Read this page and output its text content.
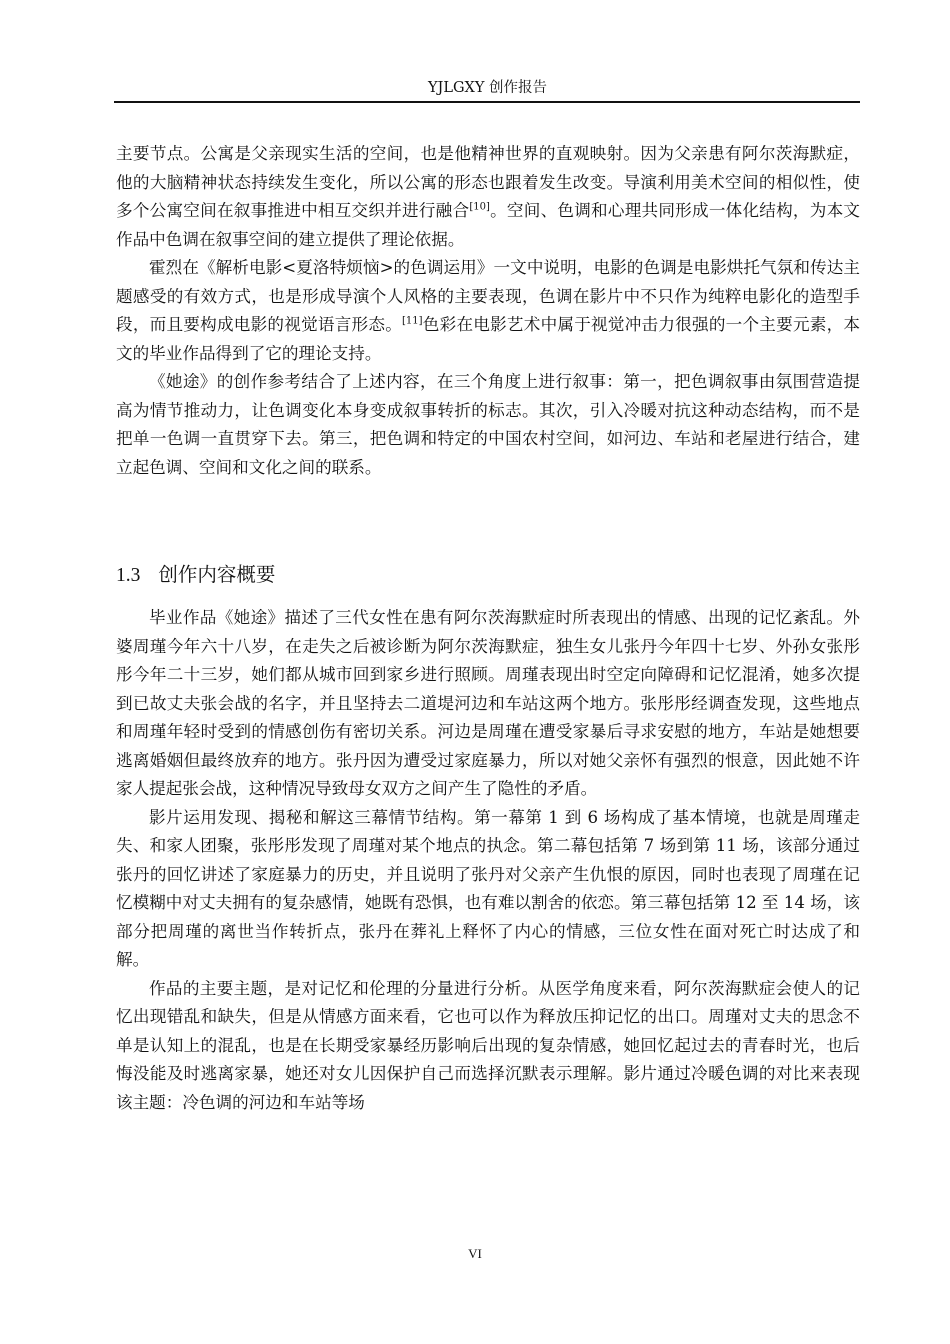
YJLGXY 创作报告

主要节点。公寓是父亲现实生活的空间，也是他精神世界的直观映射。因为父亲患有阿尔茨海默症，他的大脑精神状态持续发生变化，所以公寓的形态也跟着发生改变。导演利用美术空间的相似性，使多个公寓空间在叙事推进中相互交织并进行融合[10]。空间、色调和心理共同形成一体化结构，为本文作品中色调在叙事空间的建立提供了理论依据。

霍烈在《解析电影<夏洛特烦恼>的色调运用》一文中说明，电影的色调是电影烘托气氛和传达主题感受的有效方式，也是形成导演个人风格的主要表现，色调在影片中不只作为纯粹电影化的造型手段，而且要构成电影的视觉语言形态。[11]色彩在电影艺术中属于视觉冲击力很强的一个主要元素，本文的毕业作品得到了它的理论支持。

《她途》的创作参考结合了上述内容，在三个角度上进行叙事：第一，把色调叙事由氛围营造提高为情节推动力，让色调变化本身变成叙事转折的标志。其次，引入冷暖对抗这种动态结构，而不是把单一色调一直贯穿下去。第三，把色调和特定的中国农村空间，如河边、车站和老屋进行结合，建立起色调、空间和文化之间的联系。

1.3 创作内容概要

毕业作品《她途》描述了三代女性在患有阿尔茨海默症时所表现出的情感、出现的记忆紊乱。外婆周瑾今年六十八岁，在走失之后被诊断为阿尔茨海默症，独生女儿张丹今年四十七岁、外孙女张彤彤今年二十三岁，她们都从城市回到家乡进行照顾。周瑾表现出时空定向障碍和记忆混淆，她多次提到已故丈夫张会战的名字，并且坚持去二道堤河边和车站这两个地方。张彤彤经调查发现，这些地点和周瑾年轻时受到的情感创伤有密切关系。河边是周瑾在遭受家暴后寻求安慰的地方，车站是她想要逃离婚姻但最终放弃的地方。张丹因为遭受过家庭暴力，所以对她父亲怀有强烈的恨意，因此她不许家人提起张会战，这种情况导致母女双方之间产生了隐性的矛盾。

影片运用发现、揭秘和解这三幕情节结构。第一幕第 1 到 6 场构成了基本情境，也就是周瑾走失、和家人团聚，张彤彤发现了周瑾对某个地点的执念。第二幕包括第 7 场到第 11 场，该部分通过张丹的回忆讲述了家庭暴力的历史，并且说明了张丹对父亲产生仇恨的原因，同时也表现了周瑾在记忆模糊中对丈夫拥有的复杂感情，她既有恐惧，也有难以割舍的依恋。第三幕包括第 12 至 14 场，该部分把周瑾的离世当作转折点，张丹在葬礼上释怀了内心的情感，三位女性在面对死亡时达成了和解。

作品的主要主题，是对记忆和伦理的分量进行分析。从医学角度来看，阿尔茨海默症会使人的记忆出现错乱和缺失，但是从情感方面来看，它也可以作为释放压抑记忆的出口。周瑾对丈夫的思念不单是认知上的混乱，也是在长期受家暴经历影响后出现的复杂情感，她回忆起过去的青春时光，也后悔没能及时逃离家暴，她还对女儿因保护自己而选择沉默表示理解。影片通过冷暖色调的对比来表现该主题：冷色调的河边和车站等场

VI
